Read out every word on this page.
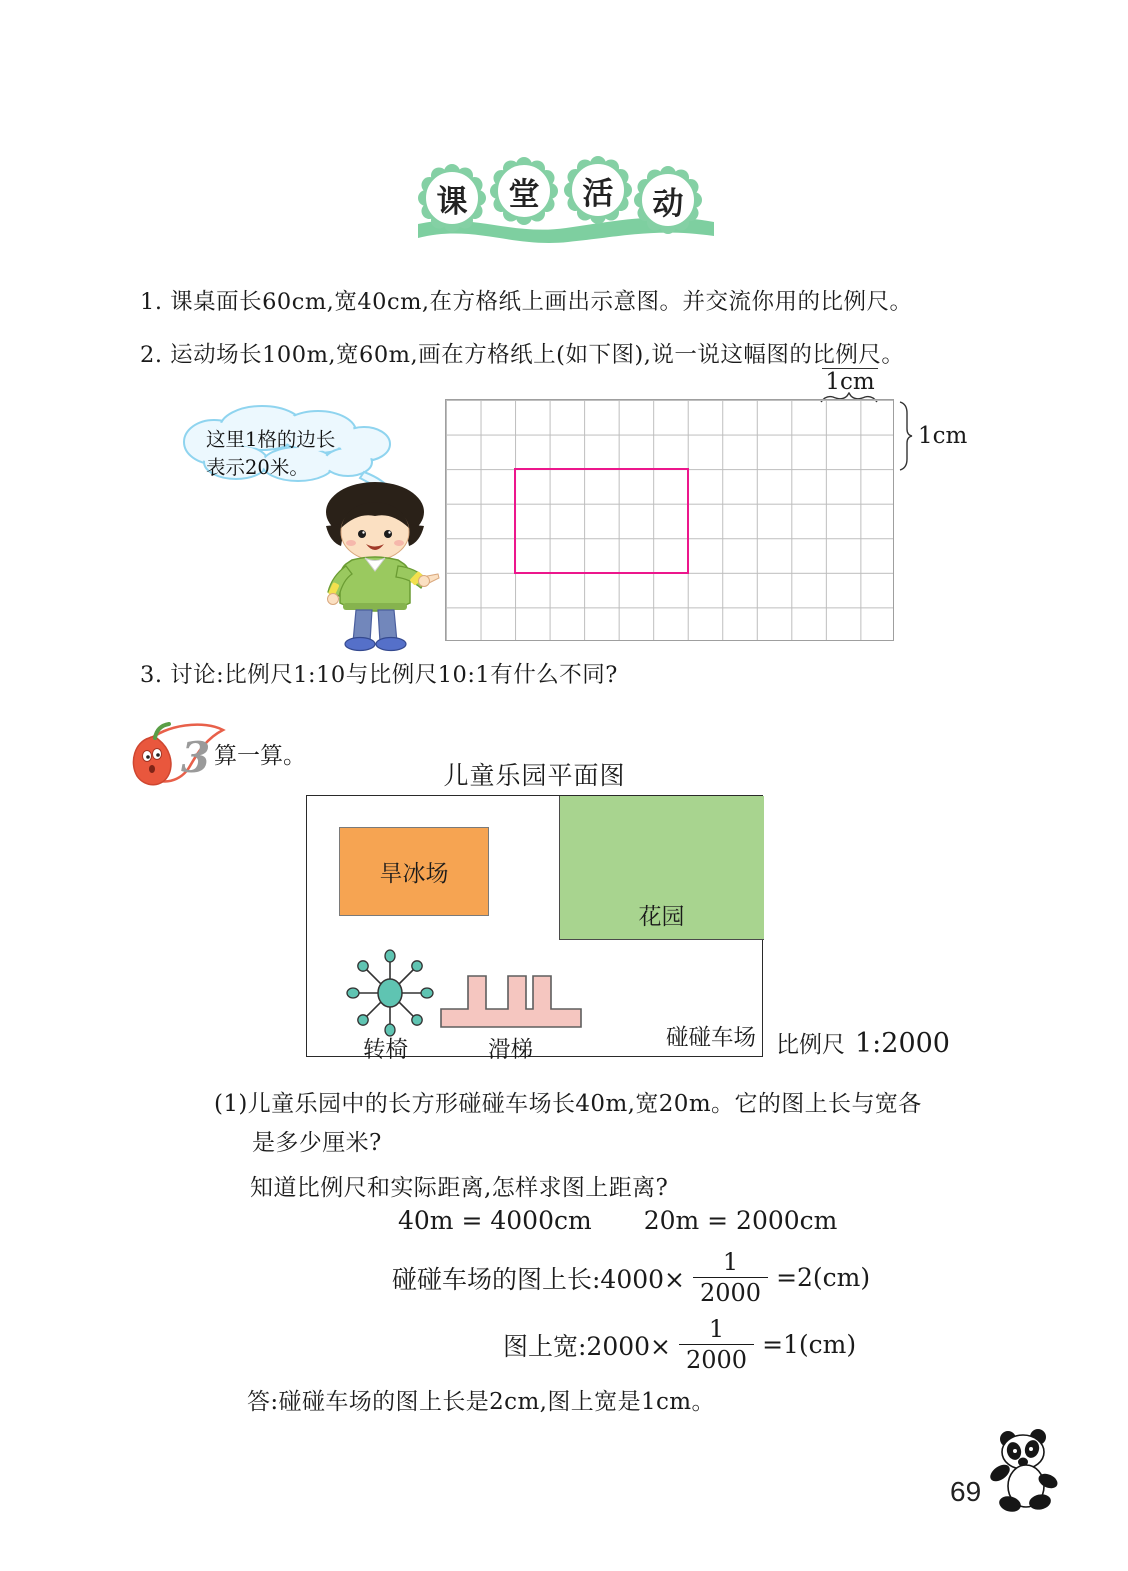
课	堂	活	动
1. 课桌面长60cm,宽40cm,在方格纸上画出示意图。并交流你用的比例尺。
2. 运动场长100m,宽60m,画在方格纸上(如下图),说一说这幅图的比例尺。
1cm
1cm
这里1格的边长
表示20米。
3. 讨论:比例尺1:10与比例尺10:1有什么不同?
3 算一算。
儿童乐园平面图
花园
旱冰场
转椅	滑梯	碰碰车场 比例尺 1:2000
(1)儿童乐园中的长方形碰碰车场长40m,宽20m。它的图上长与宽各
是多少厘米?
知道比例尺和实际距离,怎样求图上距离?
40m = 4000cm 20m = 2000cm
碰碰车场的图上长:4000× $\frac{1}{2000} =2(cm)$
图上宽:2000× $\frac{1}{2000} =1(cm)$
答:碰碰车场的图上长是2cm,图上宽是1cm。
69
